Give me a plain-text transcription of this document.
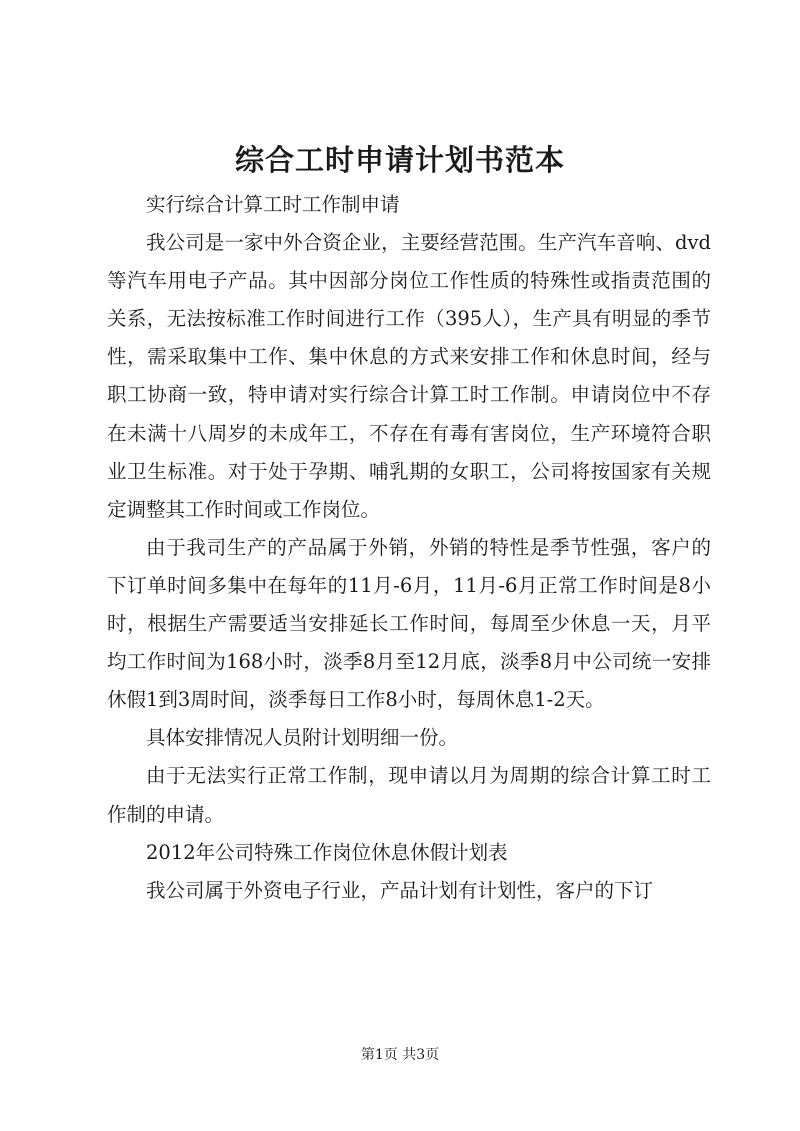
综合工时申请计划书范本

实行综合计算工时工作制申请

我公司是一家中外合资企业，主要经营范围。生产汽车音响、dvd等汽车用电子产品。其中因部分岗位工作性质的特殊性或指责范围的关系，无法按标准工作时间进行工作（395人），生产具有明显的季节性，需采取集中工作、集中休息的方式来安排工作和休息时间，经与职工协商一致，特申请对实行综合计算工时工作制。申请岗位中不存在未满十八周岁的未成年工，不存在有毒有害岗位，生产环境符合职业卫生标准。对于处于孕期、哺乳期的女职工，公司将按国家有关规定调整其工作时间或工作岗位。

由于我司生产的产品属于外销，外销的特性是季节性强，客户的下订单时间多集中在每年的11月-6月，11月-6月正常工作时间是8小时，根据生产需要适当安排延长工作时间，每周至少休息一天，月平均工作时间为168小时，淡季8月至12月底，淡季8月中公司统一安排休假1到3周时间，淡季每日工作8小时，每周休息1-2天。

具体安排情况人员附计划明细一份。

由于无法实行正常工作制，现申请以月为周期的综合计算工时工作制的申请。

2012年公司特殊工作岗位休息休假计划表

我公司属于外资电子行业，产品计划有计划性，客户的下订

第1页 共3页
